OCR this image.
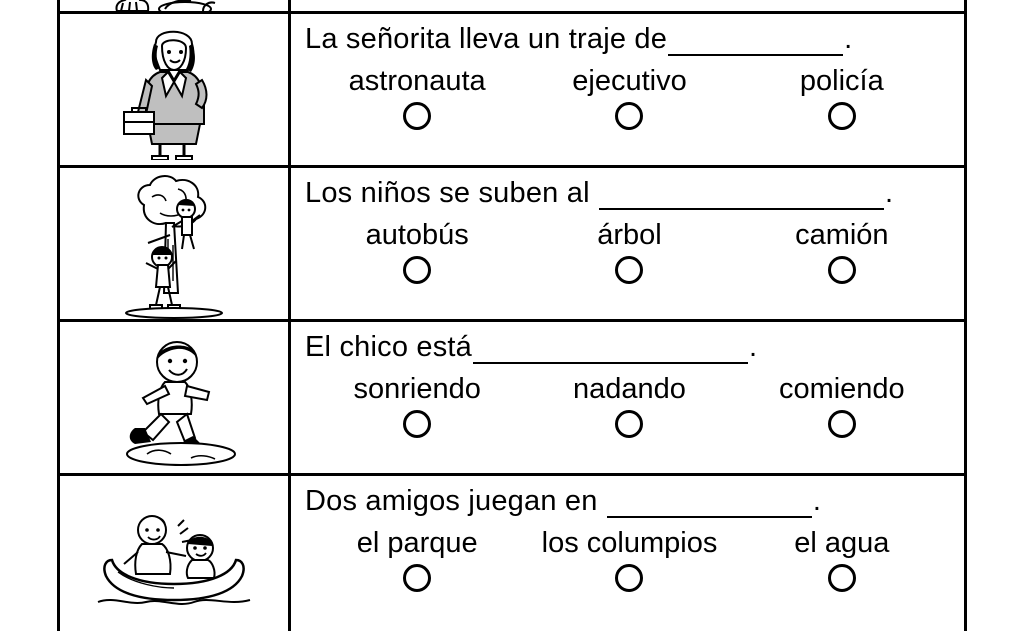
La señorita lleva un traje de	.
astronauta	ejecutivo	policía
Los niños se suben al	.
autobús	árbol	camión
El chico está	.
sonriendo	nadando	comiendo
Dos amigos juegan en	.
el parque	los columpios	el agua
